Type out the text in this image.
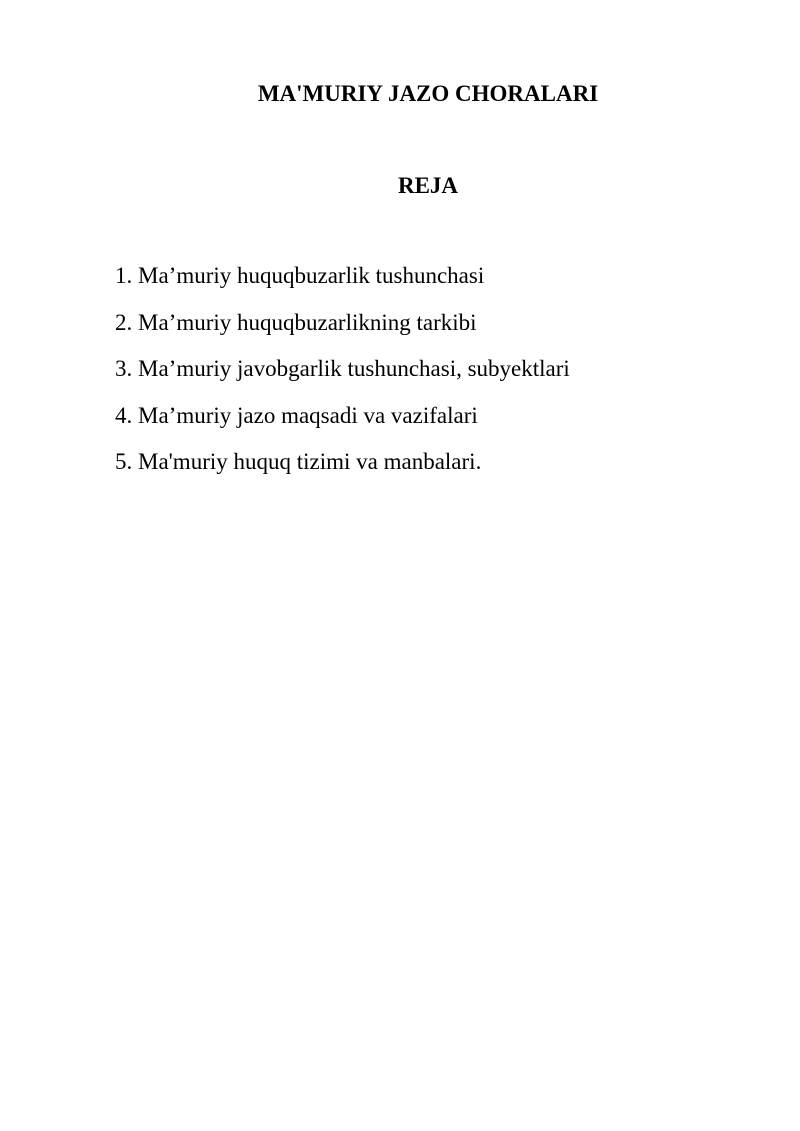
MA'MURIY JAZO CHORALARI
REJA
1. Ma’muriy huquqbuzarlik tushunchasi
2. Ma’muriy huquqbuzarlikning tarkibi
3. Ma’muriy javobgarlik tushunchasi, subyektlari
4. Ma’muriy jazo maqsadi va vazifalari
5. Ma'muriy huquq tizimi va manbalari.
